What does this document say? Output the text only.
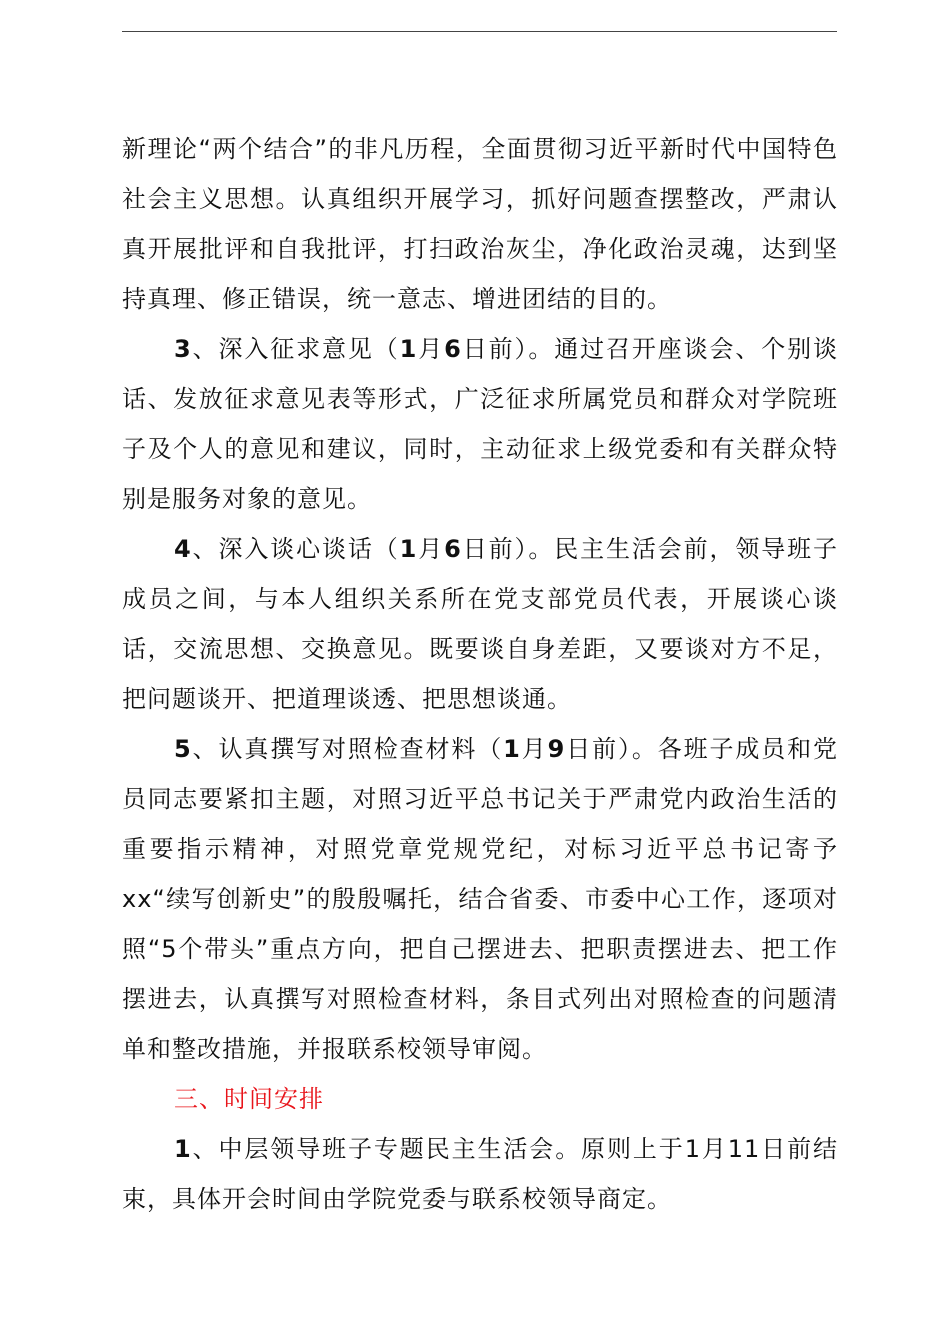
新理论“两个结合”的非凡历程，全面贯彻习近平新时代中国特色社会主义思想。认真组织开展学习，抓好问题查摆整改，严肃认真开展批评和自我批评，打扫政治灰尘，净化政治灵魂，达到坚持真理、修正错误，统一意志、增进团结的目的。

3、深入征求意见（1月6日前）。通过召开座谈会、个别谈话、发放征求意见表等形式，广泛征求所属党员和群众对学院班子及个人的意见和建议，同时，主动征求上级党委和有关群众特别是服务对象的意见。

4、深入谈心谈话（1月6日前）。民主生活会前，领导班子成员之间，与本人组织关系所在党支部党员代表，开展谈心谈话，交流思想、交换意见。既要谈自身差距，又要谈对方不足，把问题谈开、把道理谈透、把思想谈通。

5、认真撰写对照检查材料（1月9日前）。各班子成员和党员同志要紧扣主题，对照习近平总书记关于严肃党内政治生活的重要指示精神，对照党章党规党纪，对标习近平总书记寄予xx“续写创新史”的殷殷嘱托，结合省委、市委中心工作，逐项对照“5个带头”重点方向，把自己摆进去、把职责摆进去、把工作摆进去，认真撰写对照检查材料，条目式列出对照检查的问题清单和整改措施，并报联系校领导审阅。

三、时间安排

1、中层领导班子专题民主生活会。原则上于1月11日前结束，具体开会时间由学院党委与联系校领导商定。
